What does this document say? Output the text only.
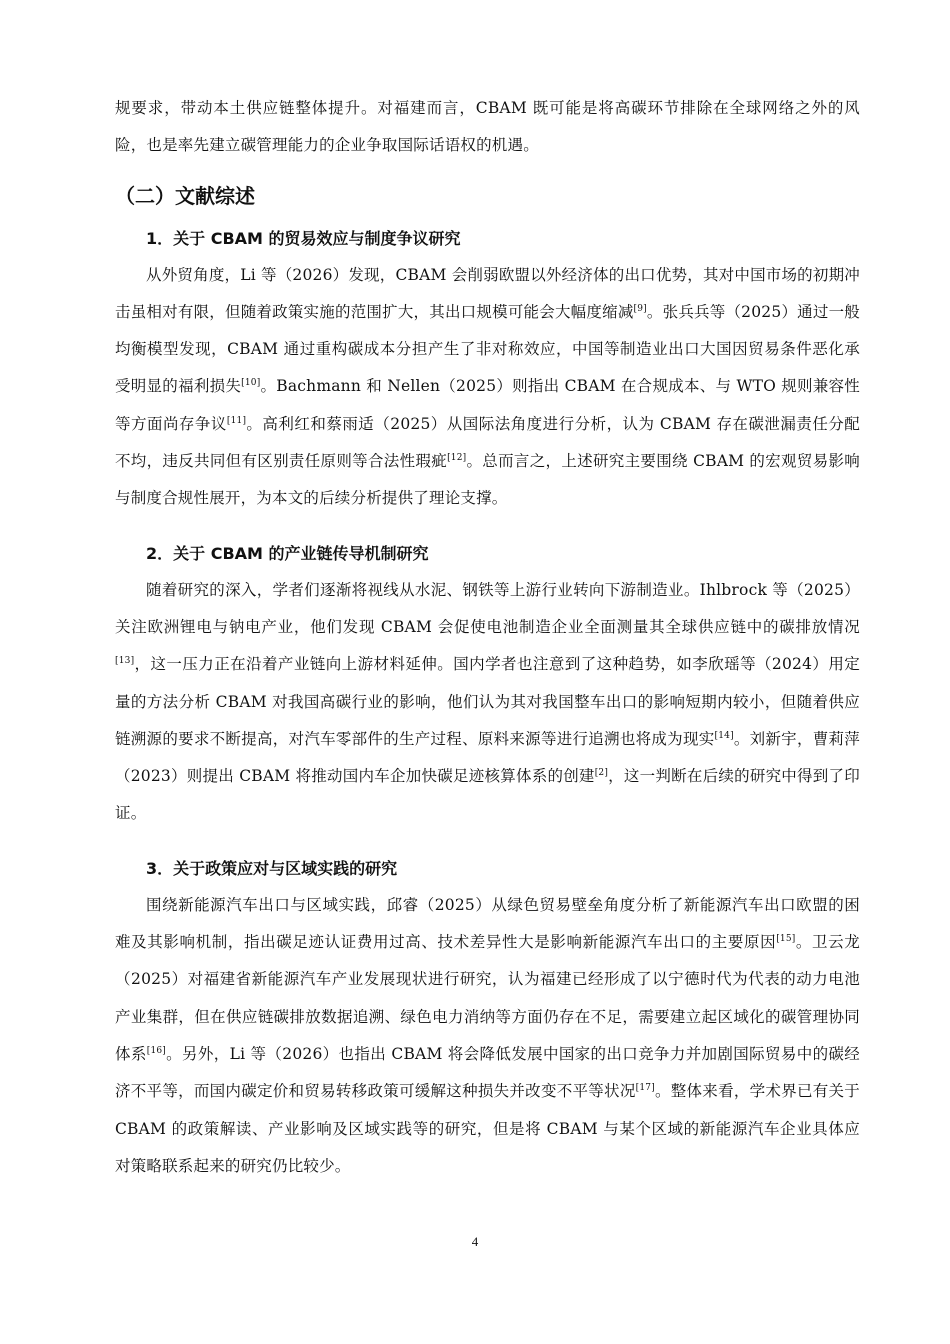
规要求，带动本土供应链整体提升。对福建而言，CBAM 既可能是将高碳环节排除在全球网络之外的风险，也是率先建立碳管理能力的企业争取国际话语权的机遇。

（二）文献综述
1．关于 CBAM 的贸易效应与制度争议研究

从外贸角度，Li 等（2026）发现，CBAM 会削弱欧盟以外经济体的出口优势，其对中国市场的初期冲击虽相对有限，但随着政策实施的范围扩大，其出口规模可能会大幅度缩减[9]。张兵兵等（2025）通过一般均衡模型发现，CBAM 通过重构碳成本分担产生了非对称效应，中国等制造业出口大国因贸易条件恶化承受明显的福利损失[10]。Bachmann 和 Nellen（2025）则指出 CBAM 在合规成本、与 WTO 规则兼容性等方面尚存争议[11]。高利红和蔡雨适（2025）从国际法角度进行分析，认为 CBAM 存在碳泄漏责任分配不均，违反共同但有区别责任原则等合法性瑕疵[12]。总而言之，上述研究主要围绕 CBAM 的宏观贸易影响与制度合规性展开，为本文的后续分析提供了理论支撑。

2．关于 CBAM 的产业链传导机制研究

随着研究的深入，学者们逐渐将视线从水泥、钢铁等上游行业转向下游制造业。Ihlbrock 等（2025）关注欧洲锂电与钠电产业，他们发现 CBAM 会促使电池制造企业全面测量其全球供应链中的碳排放情况[13]，这一压力正在沿着产业链向上游材料延伸。国内学者也注意到了这种趋势，如李欣瑶等（2024）用定量的方法分析 CBAM 对我国高碳行业的影响，他们认为其对我国整车出口的影响短期内较小，但随着供应链溯源的要求不断提高，对汽车零部件的生产过程、原料来源等进行追溯也将成为现实[14]。刘新宇，曹莉萍（2023）则提出 CBAM 将推动国内车企加快碳足迹核算体系的创建[2]，这一判断在后续的研究中得到了印证。

3．关于政策应对与区域实践的研究

围绕新能源汽车出口与区域实践，邱睿（2025）从绿色贸易壁垒角度分析了新能源汽车出口欧盟的困难及其影响机制，指出碳足迹认证费用过高、技术差异性大是影响新能源汽车出口的主要原因[15]。卫云龙（2025）对福建省新能源汽车产业发展现状进行研究，认为福建已经形成了以宁德时代为代表的动力电池产业集群，但在供应链碳排放数据追溯、绿色电力消纳等方面仍存在不足，需要建立起区域化的碳管理协同体系[16]。另外，Li 等（2026）也指出 CBAM 将会降低发展中国家的出口竞争力并加剧国际贸易中的碳经济不平等，而国内碳定价和贸易转移政策可缓解这种损失并改变不平等状况[17]。整体来看，学术界已有关于 CBAM 的政策解读、产业影响及区域实践等的研究，但是将 CBAM 与某个区域的新能源汽车企业具体应对策略联系起来的研究仍比较少。

4
